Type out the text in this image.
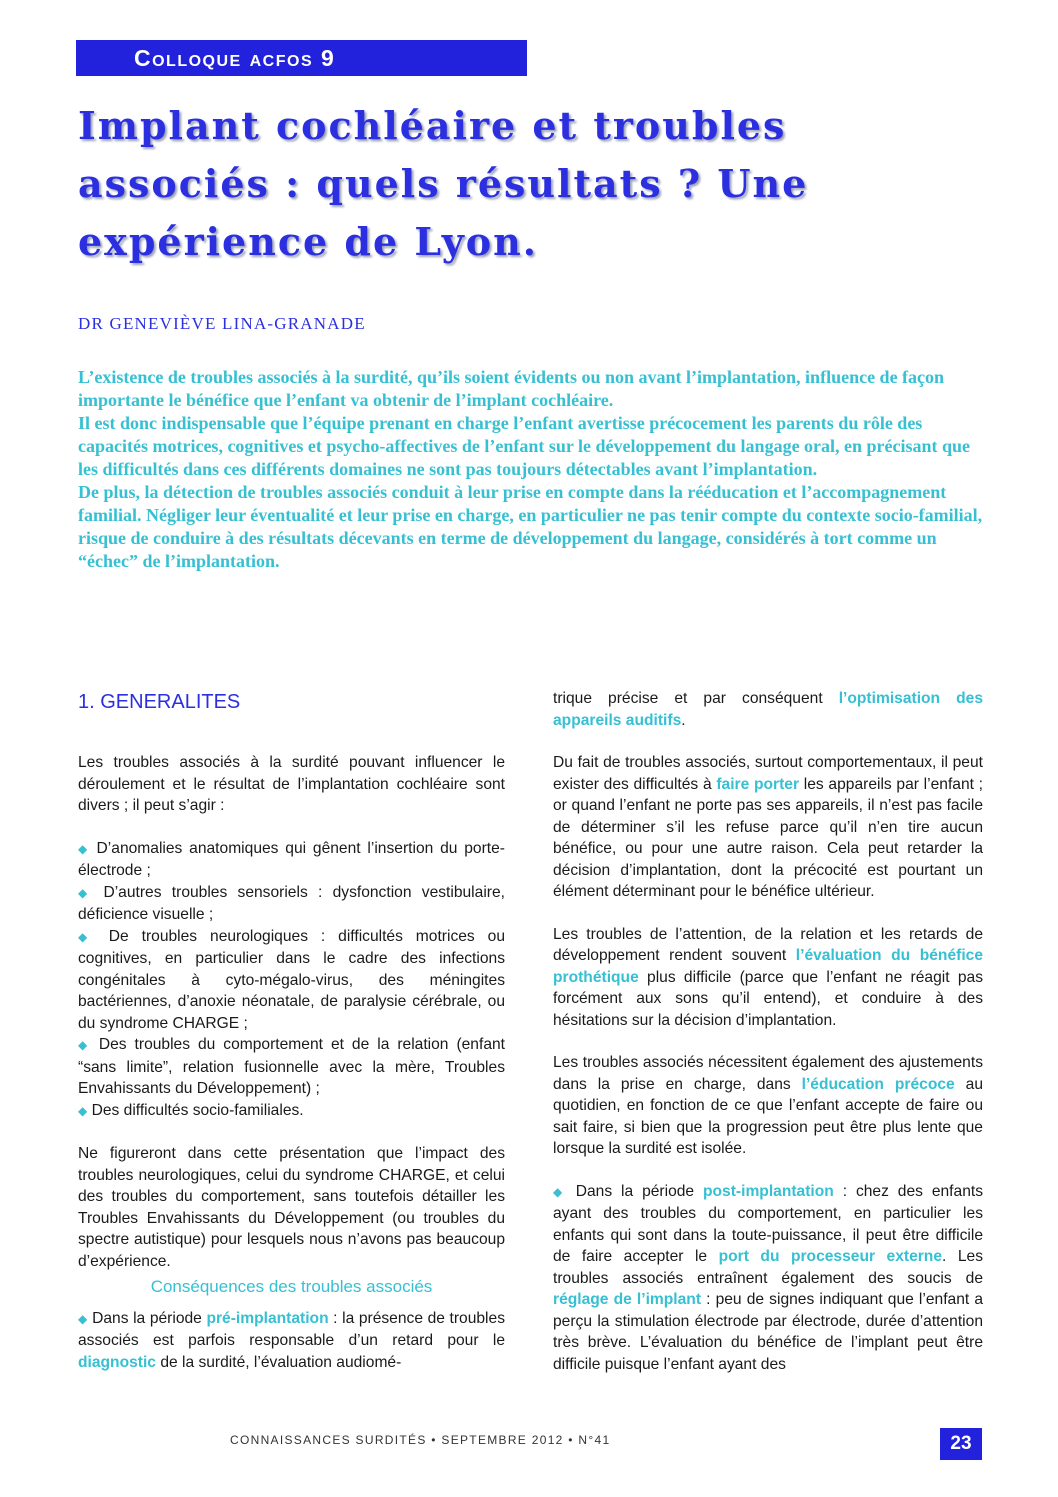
Colloque acfos 9
Implant cochléaire et troubles associés : quels résultats ? Une expérience de Lyon.

DR GENEVIÈVE LINA-GRANADE

L’existence de troubles associés à la surdité, qu’ils soient évidents ou non avant l’implantation, influence de façon importante le bénéfice que l’enfant va obtenir de l’implant cochléaire.

Il est donc indispensable que l’équipe prenant en charge l’enfant avertisse précocement les parents du rôle des capacités motrices, cognitives et psycho-affectives de l’enfant sur le développement du langage oral, en précisant que les difficultés dans ces différents domaines ne sont pas toujours détectables avant l’implantation.

De plus, la détection de troubles associés conduit à leur prise en compte dans la rééducation et l’accompagnement familial. Négliger leur éventualité et leur prise en charge, en particulier ne pas tenir compte du contexte socio-familial, risque de conduire à des résultats décevants en terme de développement du langage, considérés à tort comme un “échec” de l’implantation.

1. GENERALITES

Les troubles associés à la surdité pouvant influencer le déroulement et le résultat de l’implantation cochléaire sont divers ; il peut s’agir :

◆ D’anomalies anatomiques qui gênent l’insertion du porte-électrode ;

◆ D’autres troubles sensoriels : dysfonction vestibulaire, déficience visuelle ;

◆ De troubles neurologiques : difficultés motrices ou cognitives, en particulier dans le cadre des infections congénitales à cyto-mégalo-virus, des méningites bactériennes, d’anoxie néonatale, de paralysie cérébrale, ou du syndrome CHARGE ;

◆ Des troubles du comportement et de la relation (enfant “sans limite”, relation fusionnelle avec la mère, Troubles Envahissants du Développement) ;

◆ Des difficultés socio-familiales.

Ne figureront dans cette présentation que l’impact des troubles neurologiques, celui du syndrome CHARGE, et celui des troubles du comportement, sans toutefois détailler les Troubles Envahissants du Développement (ou troubles du spectre autistique) pour lesquels nous n’avons pas beaucoup d’expérience.

Conséquences des troubles associés

◆ Dans la période pré-implantation : la présence de troubles associés est parfois responsable d’un retard pour le diagnostic de la surdité, l’évaluation audiomé-

trique précise et par conséquent l’optimisation des appareils auditifs.

Du fait de troubles associés, surtout comportementaux, il peut exister des difficultés à faire porter les appareils par l’enfant ; or quand l’enfant ne porte pas ses appareils, il n’est pas facile de déterminer s’il les refuse parce qu’il n’en tire aucun bénéfice, ou pour une autre raison. Cela peut retarder la décision d’implantation, dont la précocité est pourtant un élément déterminant pour le bénéfice ultérieur.

Les troubles de l’attention, de la relation et les retards de développement rendent souvent l’évaluation du bénéfice prothétique plus difficile (parce que l’enfant ne réagit pas forcément aux sons qu’il entend), et conduire à des hésitations sur la décision d’implantation.

Les troubles associés nécessitent également des ajustements dans la prise en charge, dans l’éducation précoce au quotidien, en fonction de ce que l’enfant accepte de faire ou sait faire, si bien que la progression peut être plus lente que lorsque la surdité est isolée.

◆ Dans la période post-implantation : chez des enfants ayant des troubles du comportement, en particulier les enfants qui sont dans la toute-puissance, il peut être difficile de faire accepter le port du processeur externe. Les troubles associés entraînent également des soucis de réglage de l’implant : peu de signes indiquant que l’enfant a perçu la stimulation électrode par électrode, durée d’attention très brève. L’évaluation du bénéfice de l’implant peut être difficile puisque l’enfant ayant des

CONNAISSANCES SURDITÉS • SEPTEMBRE 2012 • N°41	23
